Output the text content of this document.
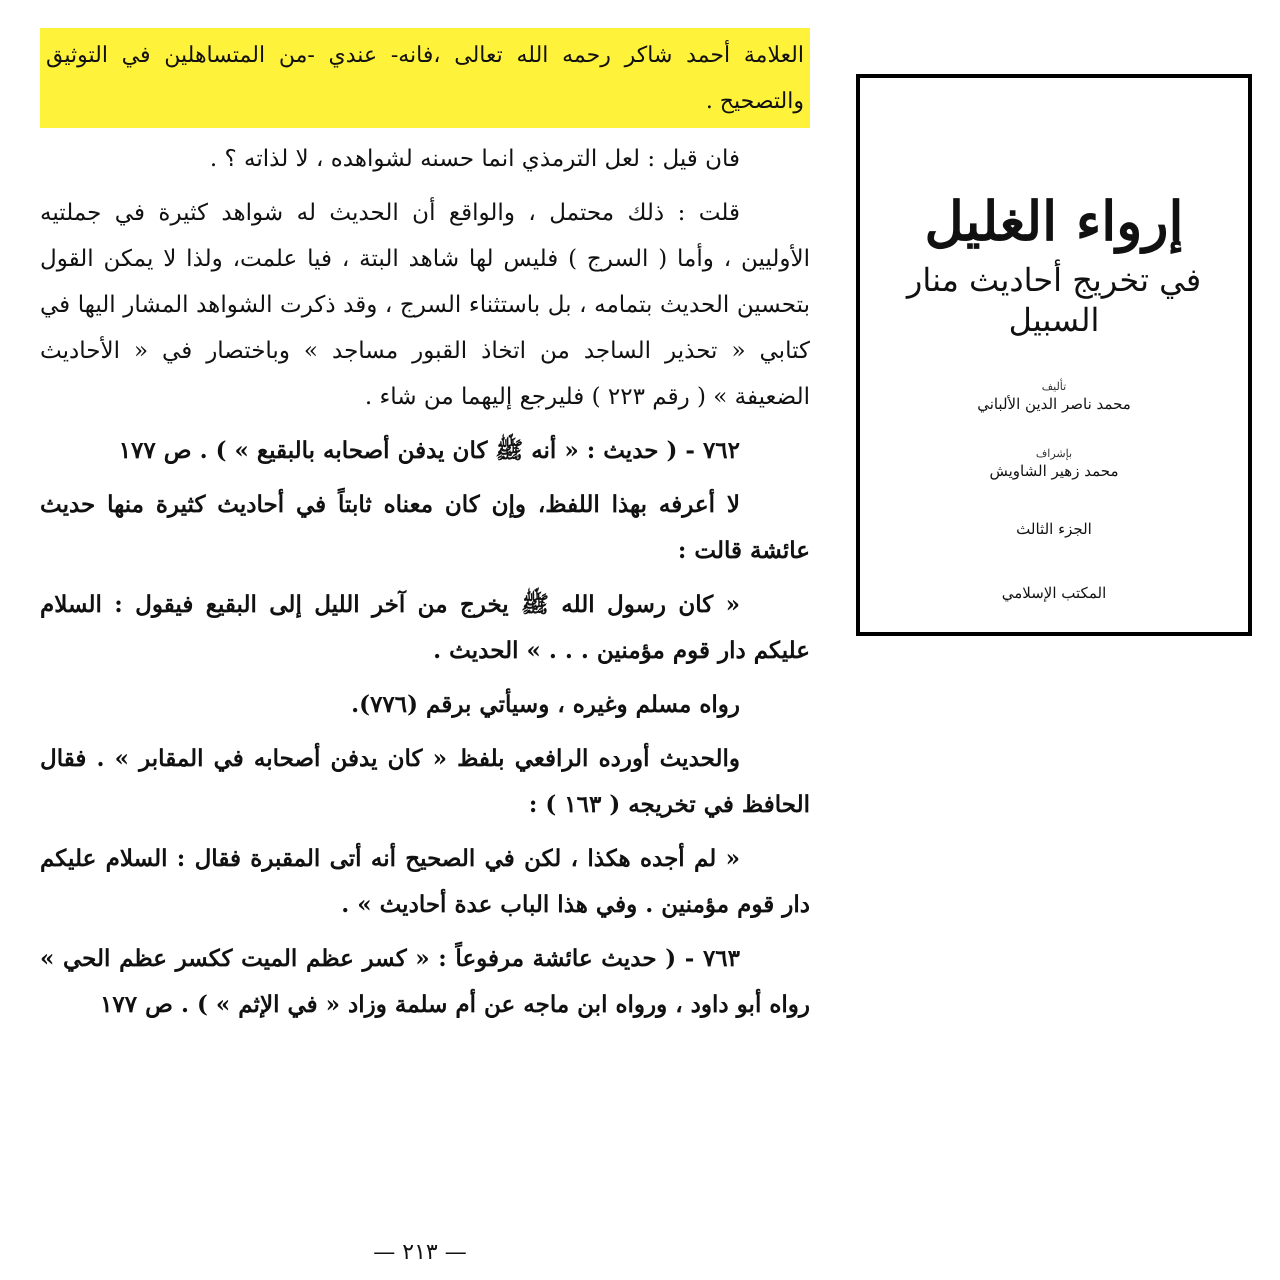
العلامة أحمد شاكر رحمه الله تعالى ،فانه- عندي -من المتساهلين في التوثيق والتصحيح .

فان قيل : لعل الترمذي انما حسنه لشواهده ، لا لذاته ؟ .

قلت : ذلك محتمل ، والواقع أن الحديث له شواهد كثيرة في جملتيه الأوليين ، وأما ( السرج ) فليس لها شاهد البتة ، فيا علمت، ولذا لا يمكن القول بتحسين الحديث بتمامه ، بل باستثناء السرج ، وقد ذكرت الشواهد المشار اليها في كتابي « تحذير الساجد من اتخاذ القبور مساجد » وباختصار في « الأحاديث الضعيفة » ( رقم ٢٢٣ ) فليرجع إليهما من شاء .

٧٦٢ - ( حديث : « أنه ﷺ كان يدفن أصحابه بالبقيع » ) . ص ١٧٧

لا أعرفه بهذا اللفظ، وإن كان معناه ثابتاً في أحاديث كثيرة منها حديث عائشة قالت :

« كان رسول الله ﷺ يخرج من آخر الليل إلى البقيع فيقول : السلام عليكم دار قوم مؤمنين . . . » الحديث .

رواه مسلم وغيره ، وسيأتي برقم (٧٧٦).

والحديث أورده الرافعي بلفظ « كان يدفن أصحابه في المقابر » . فقال الحافظ في تخريجه ( ١٦٣ ) :

« لم أجده هكذا ، لكن في الصحيح أنه أتى المقبرة فقال : السلام عليكم دار قوم مؤمنين . وفي هذا الباب عدة أحاديث » .

٧٦٣ - ( حديث عائشة مرفوعاً : « كسر عظم الميت ككسر عظم الحي » رواه أبو داود ، ورواه ابن ماجه عن أم سلمة وزاد « في الإثم » ) . ص ١٧٧

— ٢١٣ —
إرواء الغليل
في تخريج أحاديث منار السبيل
تأليف
محمد ناصر الدين الألباني
بإشراف
محمد زهير الشاويش
الجزء الثالث
المكتب الإسلامي
